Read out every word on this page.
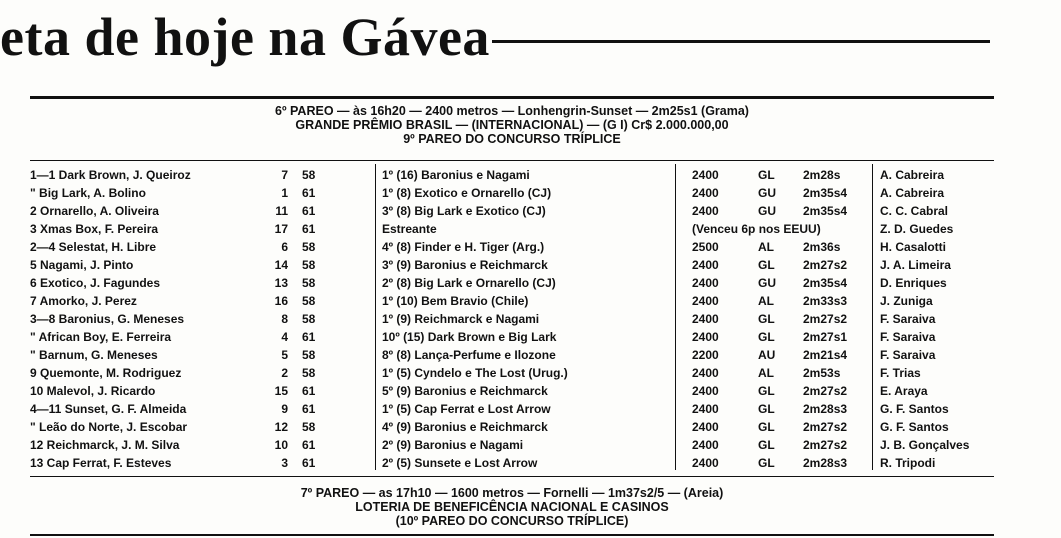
eta de hoje na Gávea
6º PAREO — às 16h20 — 2400 metros — Lonhengrin-Sunset — 2m25s1 (Grama)
GRANDE PRÊMIO BRASIL — (INTERNACIONAL) — (G I) Cr$ 2.000.000,00
9º PAREO DO CONCURSO TRÍPLICE
1—1 Dark Brown, J. Queiroz	7 58	1º (16) Baronius e Nagami	2400	GL	2m28s	A. Cabreira
" Big Lark, A. Bolino	1 61	1º (8) Exotico e Ornarello (CJ)	2400	GU	2m35s4	A. Cabreira
2 Ornarello, A. Oliveira	11 61	3º (8) Big Lark e Exotico (CJ)	2400	GU	2m35s4	C. C. Cabral
3 Xmas Box, F. Pereira	17 61	Estreante	(Venceu 6p nos EEUU)	Z. D. Guedes
2—4 Selestat, H. Libre	6 58	4º (8) Finder e H. Tiger (Arg.)	2500	AL	2m36s	H. Casalotti
5 Nagami, J. Pinto	14 58	3º (9) Baronius e Reichmarck	2400	GL	2m27s2	J. A. Limeira
6 Exotico, J. Fagundes	13 58	2º (8) Big Lark e Ornarello (CJ)	2400	GU	2m35s4	D. Enriques
7 Amorko, J. Perez	16 58	1º (10) Bem Bravio (Chile)	2400	AL	2m33s3	J. Zuniga
3—8 Baronius, G. Meneses	8 58	1º (9) Reichmarck e Nagami	2400	GL	2m27s2	F. Saraiva
" African Boy, E. Ferreira	4 61	10º (15) Dark Brown e Big Lark	2400	GL	2m27s1	F. Saraiva
" Barnum, G. Meneses	5 58	8º (8) Lança-Perfume e Ilozone	2200	AU	2m21s4	F. Saraiva
9 Quemonte, M. Rodriguez	2 58	1º (5) Cyndelo e The Lost (Urug.)	2400	AL	2m53s	F. Trias
10 Malevol, J. Ricardo	15 61	5º (9) Baronius e Reichmarck	2400	GL	2m27s2	E. Araya
4—11 Sunset, G. F. Almeida	9 61	1º (5) Cap Ferrat e Lost Arrow	2400	GL	2m28s3	G. F. Santos
" Leão do Norte, J. Escobar	12 58	4º (9) Baronius e Reichmarck	2400	GL	2m27s2	G. F. Santos
12 Reichmarck, J. M. Silva	10 61	2º (9) Baronius e Nagami	2400	GL	2m27s2	J. B. Gonçalves
13 Cap Ferrat, F. Esteves	3 61	2º (5) Sunsete e Lost Arrow	2400	GL	2m28s3	R. Tripodi
7º PAREO — as 17h10 — 1600 metros — Fornelli — 1m37s2/5 — (Areia)
LOTERIA DE BENEFICÊNCIA NACIONAL E CASINOS
(10º PAREO DO CONCURSO TRÍPLICE)
